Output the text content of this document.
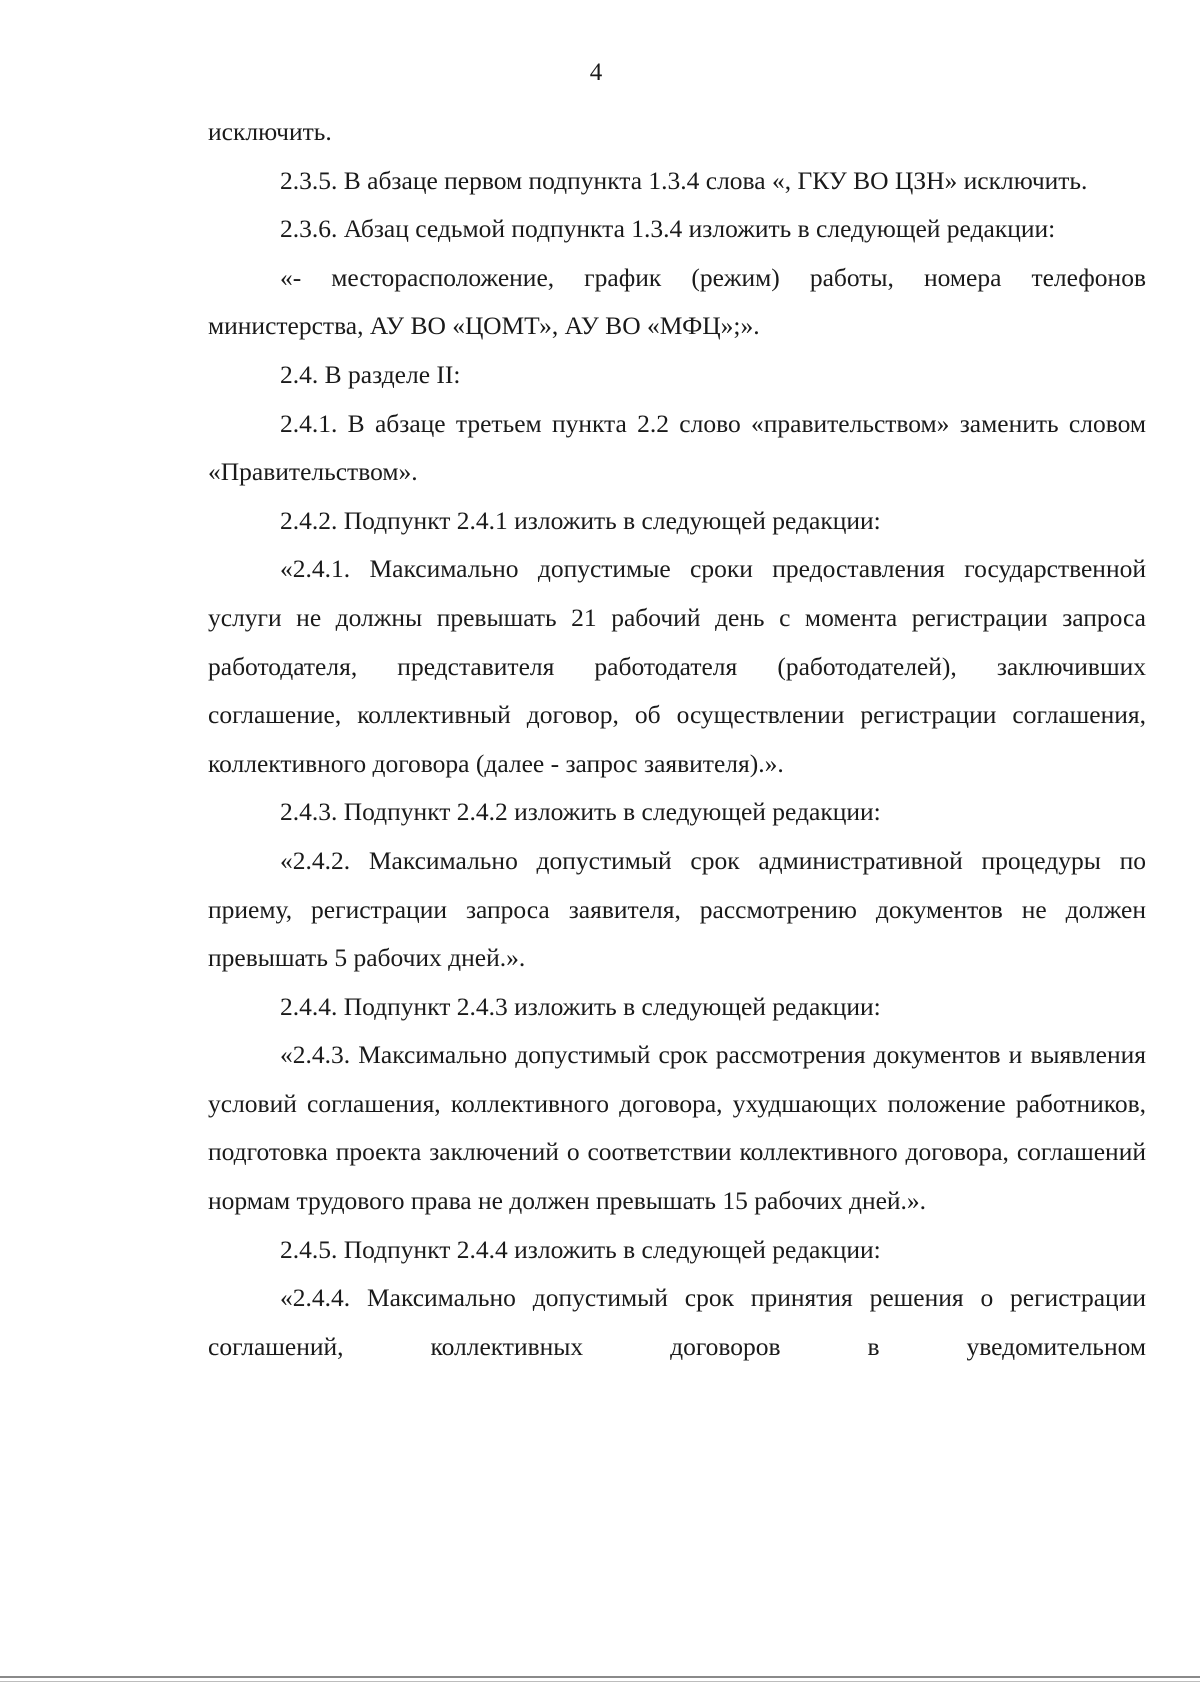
4

исключить.

2.3.5. В абзаце первом подпункта 1.3.4 слова «, ГКУ ВО ЦЗН» исключить.

2.3.6. Абзац седьмой подпункта 1.3.4 изложить в следующей редакции:

«- месторасположение, график (режим) работы, номера телефонов министерства, АУ ВО «ЦОМТ», АУ ВО «МФЦ»;».

2.4. В разделе II:

2.4.1. В абзаце третьем пункта 2.2 слово «правительством» заменить словом «Правительством».

2.4.2. Подпункт 2.4.1 изложить в следующей редакции:

«2.4.1. Максимально допустимые сроки предоставления государственной услуги не должны превышать 21 рабочий день с момента регистрации запроса работодателя, представителя работодателя (работодателей), заключивших соглашение, коллективный договор, об осуществлении регистрации соглашения, коллективного договора (далее - запрос заявителя).».

2.4.3. Подпункт 2.4.2 изложить в следующей редакции:

«2.4.2. Максимально допустимый срок административной процедуры по приему, регистрации запроса заявителя, рассмотрению документов не должен превышать 5 рабочих дней.».

2.4.4. Подпункт 2.4.3 изложить в следующей редакции:

«2.4.3. Максимально допустимый срок рассмотрения документов и выявления условий соглашения, коллективного договора, ухудшающих положение работников, подготовка проекта заключений о соответствии коллективного договора, соглашений нормам трудового права не должен превышать 15 рабочих дней.».

2.4.5. Подпункт 2.4.4 изложить в следующей редакции:

«2.4.4. Максимально допустимый срок принятия решения о регистрации соглашений, коллективных договоров в уведомительном
